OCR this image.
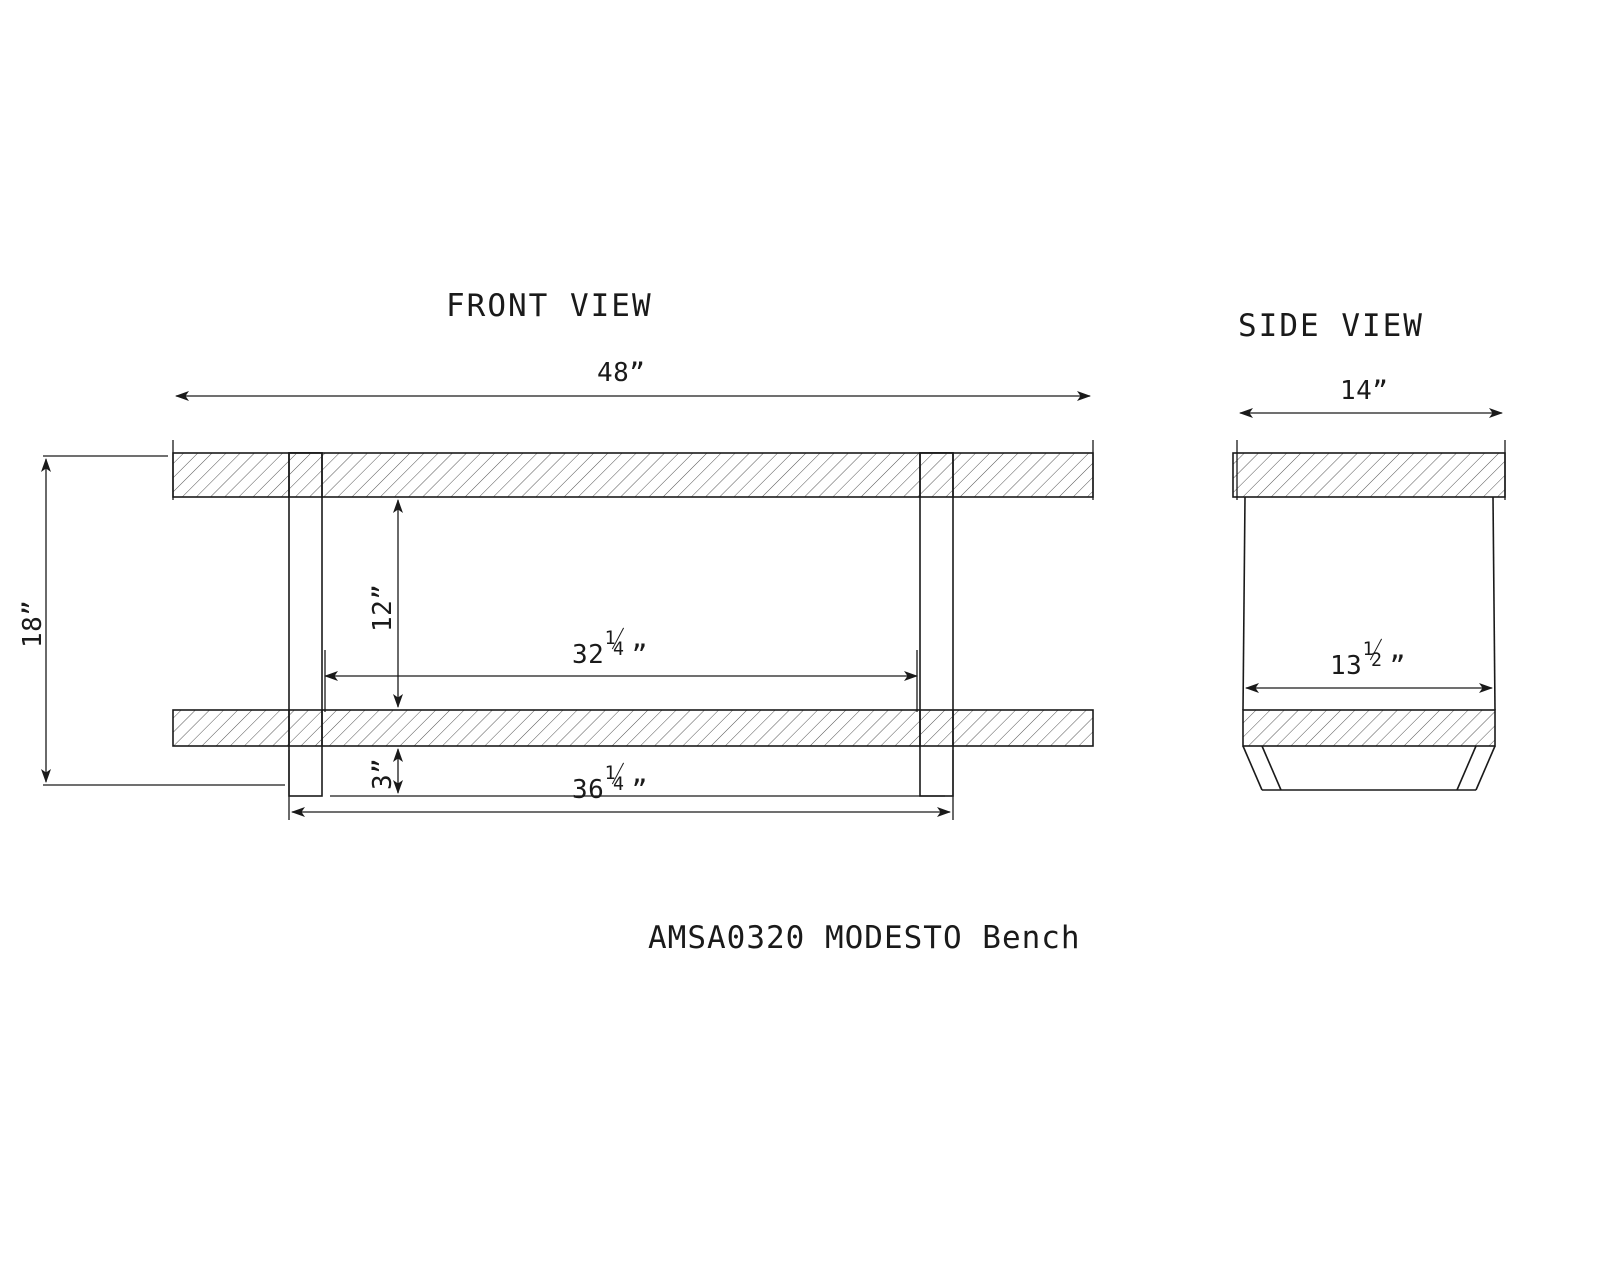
FRONT VIEW
SIDE VIEW
48”
18”	12”
3”
32
1
4 ”
36
1
4 ”
14”
13
1
2 ”
AMSA0320 MODESTO Bench
